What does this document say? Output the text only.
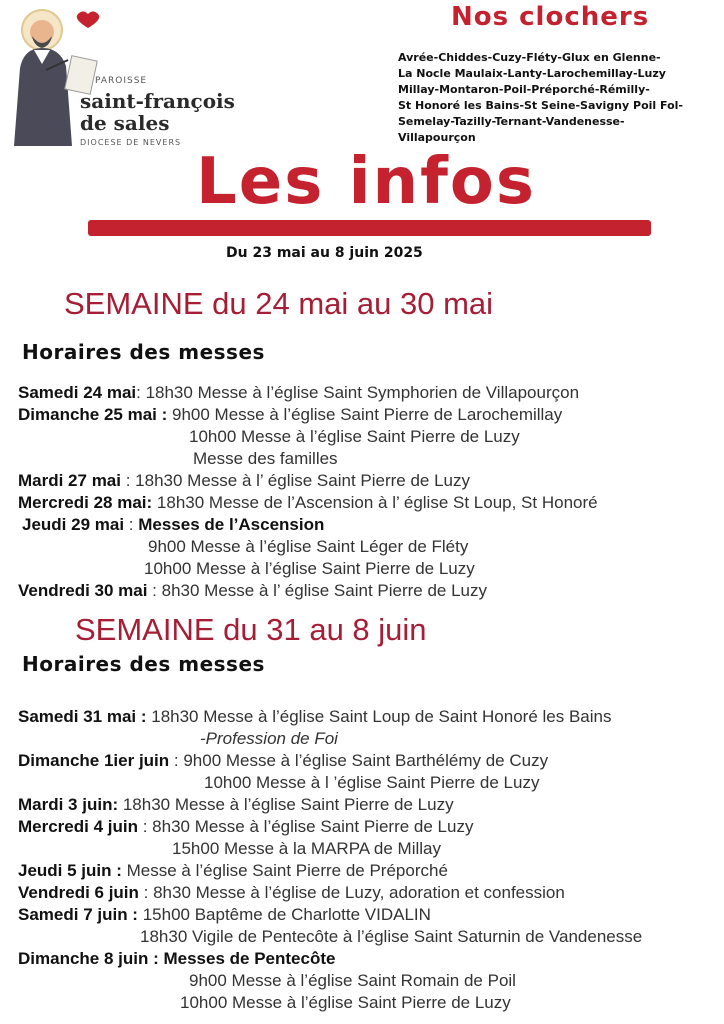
PAROISSE
saint-françois
de sales
DIOCESE DE NEVERS
Nos clochers
Avrée-Chiddes-Cuzy-Fléty-Glux en Glenne-
La Nocle Maulaix-Lanty-Larochemillay-Luzy
Millay-Montaron-Poil-Préporché-Rémilly-
St Honoré les Bains-St Seine-Savigny Poil Fol-
Semelay-Tazilly-Ternant-Vandenesse-
Villapourçon
Les infos
Du 23 mai au 8 juin 2025
SEMAINE du 24 mai au 30 mai
Horaires des messes
Samedi 24 mai: 18h30 Messe à l’église Saint Symphorien de Villapourçon
Dimanche 25 mai : 9h00 Messe à l’église Saint Pierre de Larochemillay
10h00 Messe à l’église Saint Pierre de Luzy
Messe des familles
Mardi 27 mai : 18h30 Messe à l’ église Saint Pierre de Luzy
Mercredi 28 mai: 18h30 Messe de l’Ascension à l’ église St Loup, St Honoré
Jeudi 29 mai : Messes de l’Ascension
9h00 Messe à l’église Saint Léger de Fléty
10h00 Messe à l’église Saint Pierre de Luzy
Vendredi 30 mai : 8h30 Messe à l’ église Saint Pierre de Luzy
SEMAINE du 31 au 8 juin
Horaires des messes
Samedi 31 mai : 18h30 Messe à l’église Saint Loup de Saint Honoré les Bains
-Profession de Foi
Dimanche 1ier juin : 9h00 Messe à l’église Saint Barthélémy de Cuzy
10h00 Messe à l ’église Saint Pierre de Luzy
Mardi 3 juin: 18h30 Messe à l’église Saint Pierre de Luzy
Mercredi 4 juin : 8h30 Messe à l’église Saint Pierre de Luzy
15h00 Messe à la MARPA de Millay
Jeudi 5 juin : Messe à l’église Saint Pierre de Préporché
Vendredi 6 juin : 8h30 Messe à l’église de Luzy, adoration et confession
Samedi 7 juin : 15h00 Baptême de Charlotte VIDALIN
18h30 Vigile de Pentecôte à l’église Saint Saturnin de Vandenesse
Dimanche 8 juin : Messes de Pentecôte
9h00 Messe à l’église Saint Romain de Poil
10h00 Messe à l’église Saint Pierre de Luzy
